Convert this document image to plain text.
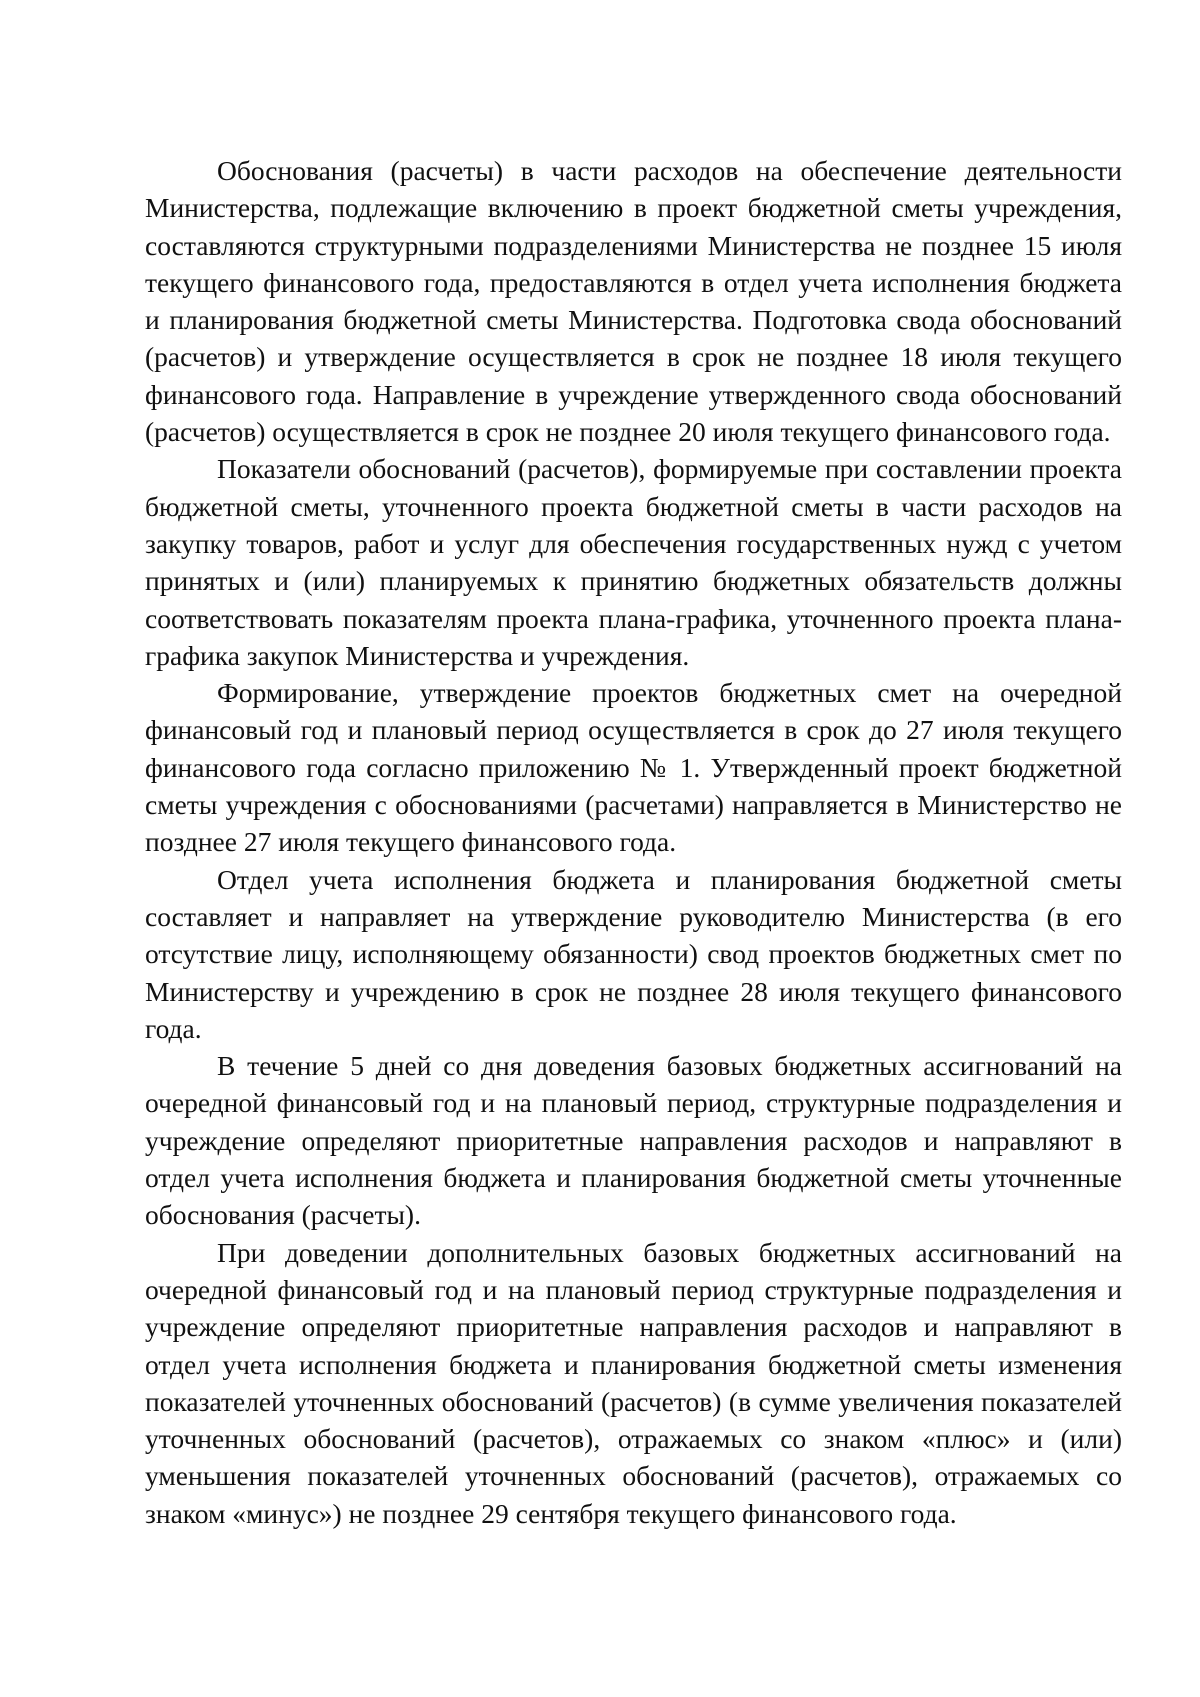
Обоснования (расчеты) в части расходов на обеспечение деятельности Министерства, подлежащие включению в проект бюджетной сметы учреждения, составляются структурными подразделениями Министерства не позднее 15 июля текущего финансового года, предоставляются в отдел учета исполнения бюджета и планирования бюджетной сметы Министерства. Подготовка свода обоснований (расчетов) и утверждение осуществляется в срок не позднее 18 июля текущего финансового года. Направление в учреждение утвержденного свода обоснований (расчетов) осуществляется в срок не позднее 20 июля текущего финансового года.

Показатели обоснований (расчетов), формируемые при составлении проекта бюджетной сметы, уточненного проекта бюджетной сметы в части расходов на закупку товаров, работ и услуг для обеспечения государственных нужд с учетом принятых и (или) планируемых к принятию бюджетных обязательств должны соответствовать показателям проекта плана-графика, уточненного проекта плана-графика закупок Министерства и учреждения.

Формирование, утверждение проектов бюджетных смет на очередной финансовый год и плановый период осуществляется в срок до 27 июля текущего финансового года согласно приложению № 1. Утвержденный проект бюджетной сметы учреждения с обоснованиями (расчетами) направляется в Министерство не позднее 27 июля текущего финансового года.

Отдел учета исполнения бюджета и планирования бюджетной сметы составляет и направляет на утверждение руководителю Министерства (в его отсутствие лицу, исполняющему обязанности) свод проектов бюджетных смет по Министерству и учреждению в срок не позднее 28 июля текущего финансового года.

В течение 5 дней со дня доведения базовых бюджетных ассигнований на очередной финансовый год и на плановый период, структурные подразделения и учреждение определяют приоритетные направления расходов и направляют в отдел учета исполнения бюджета и планирования бюджетной сметы уточненные обоснования (расчеты).

При доведении дополнительных базовых бюджетных ассигнований на очередной финансовый год и на плановый период структурные подразделения и учреждение определяют приоритетные направления расходов и направляют в отдел учета исполнения бюджета и планирования бюджетной сметы изменения показателей уточненных обоснований (расчетов) (в сумме увеличения показателей уточненных обоснований (расчетов), отражаемых со знаком «плюс» и (или) уменьшения показателей уточненных обоснований (расчетов), отражаемых со знаком «минус») не позднее 29 сентября текущего финансового года.
